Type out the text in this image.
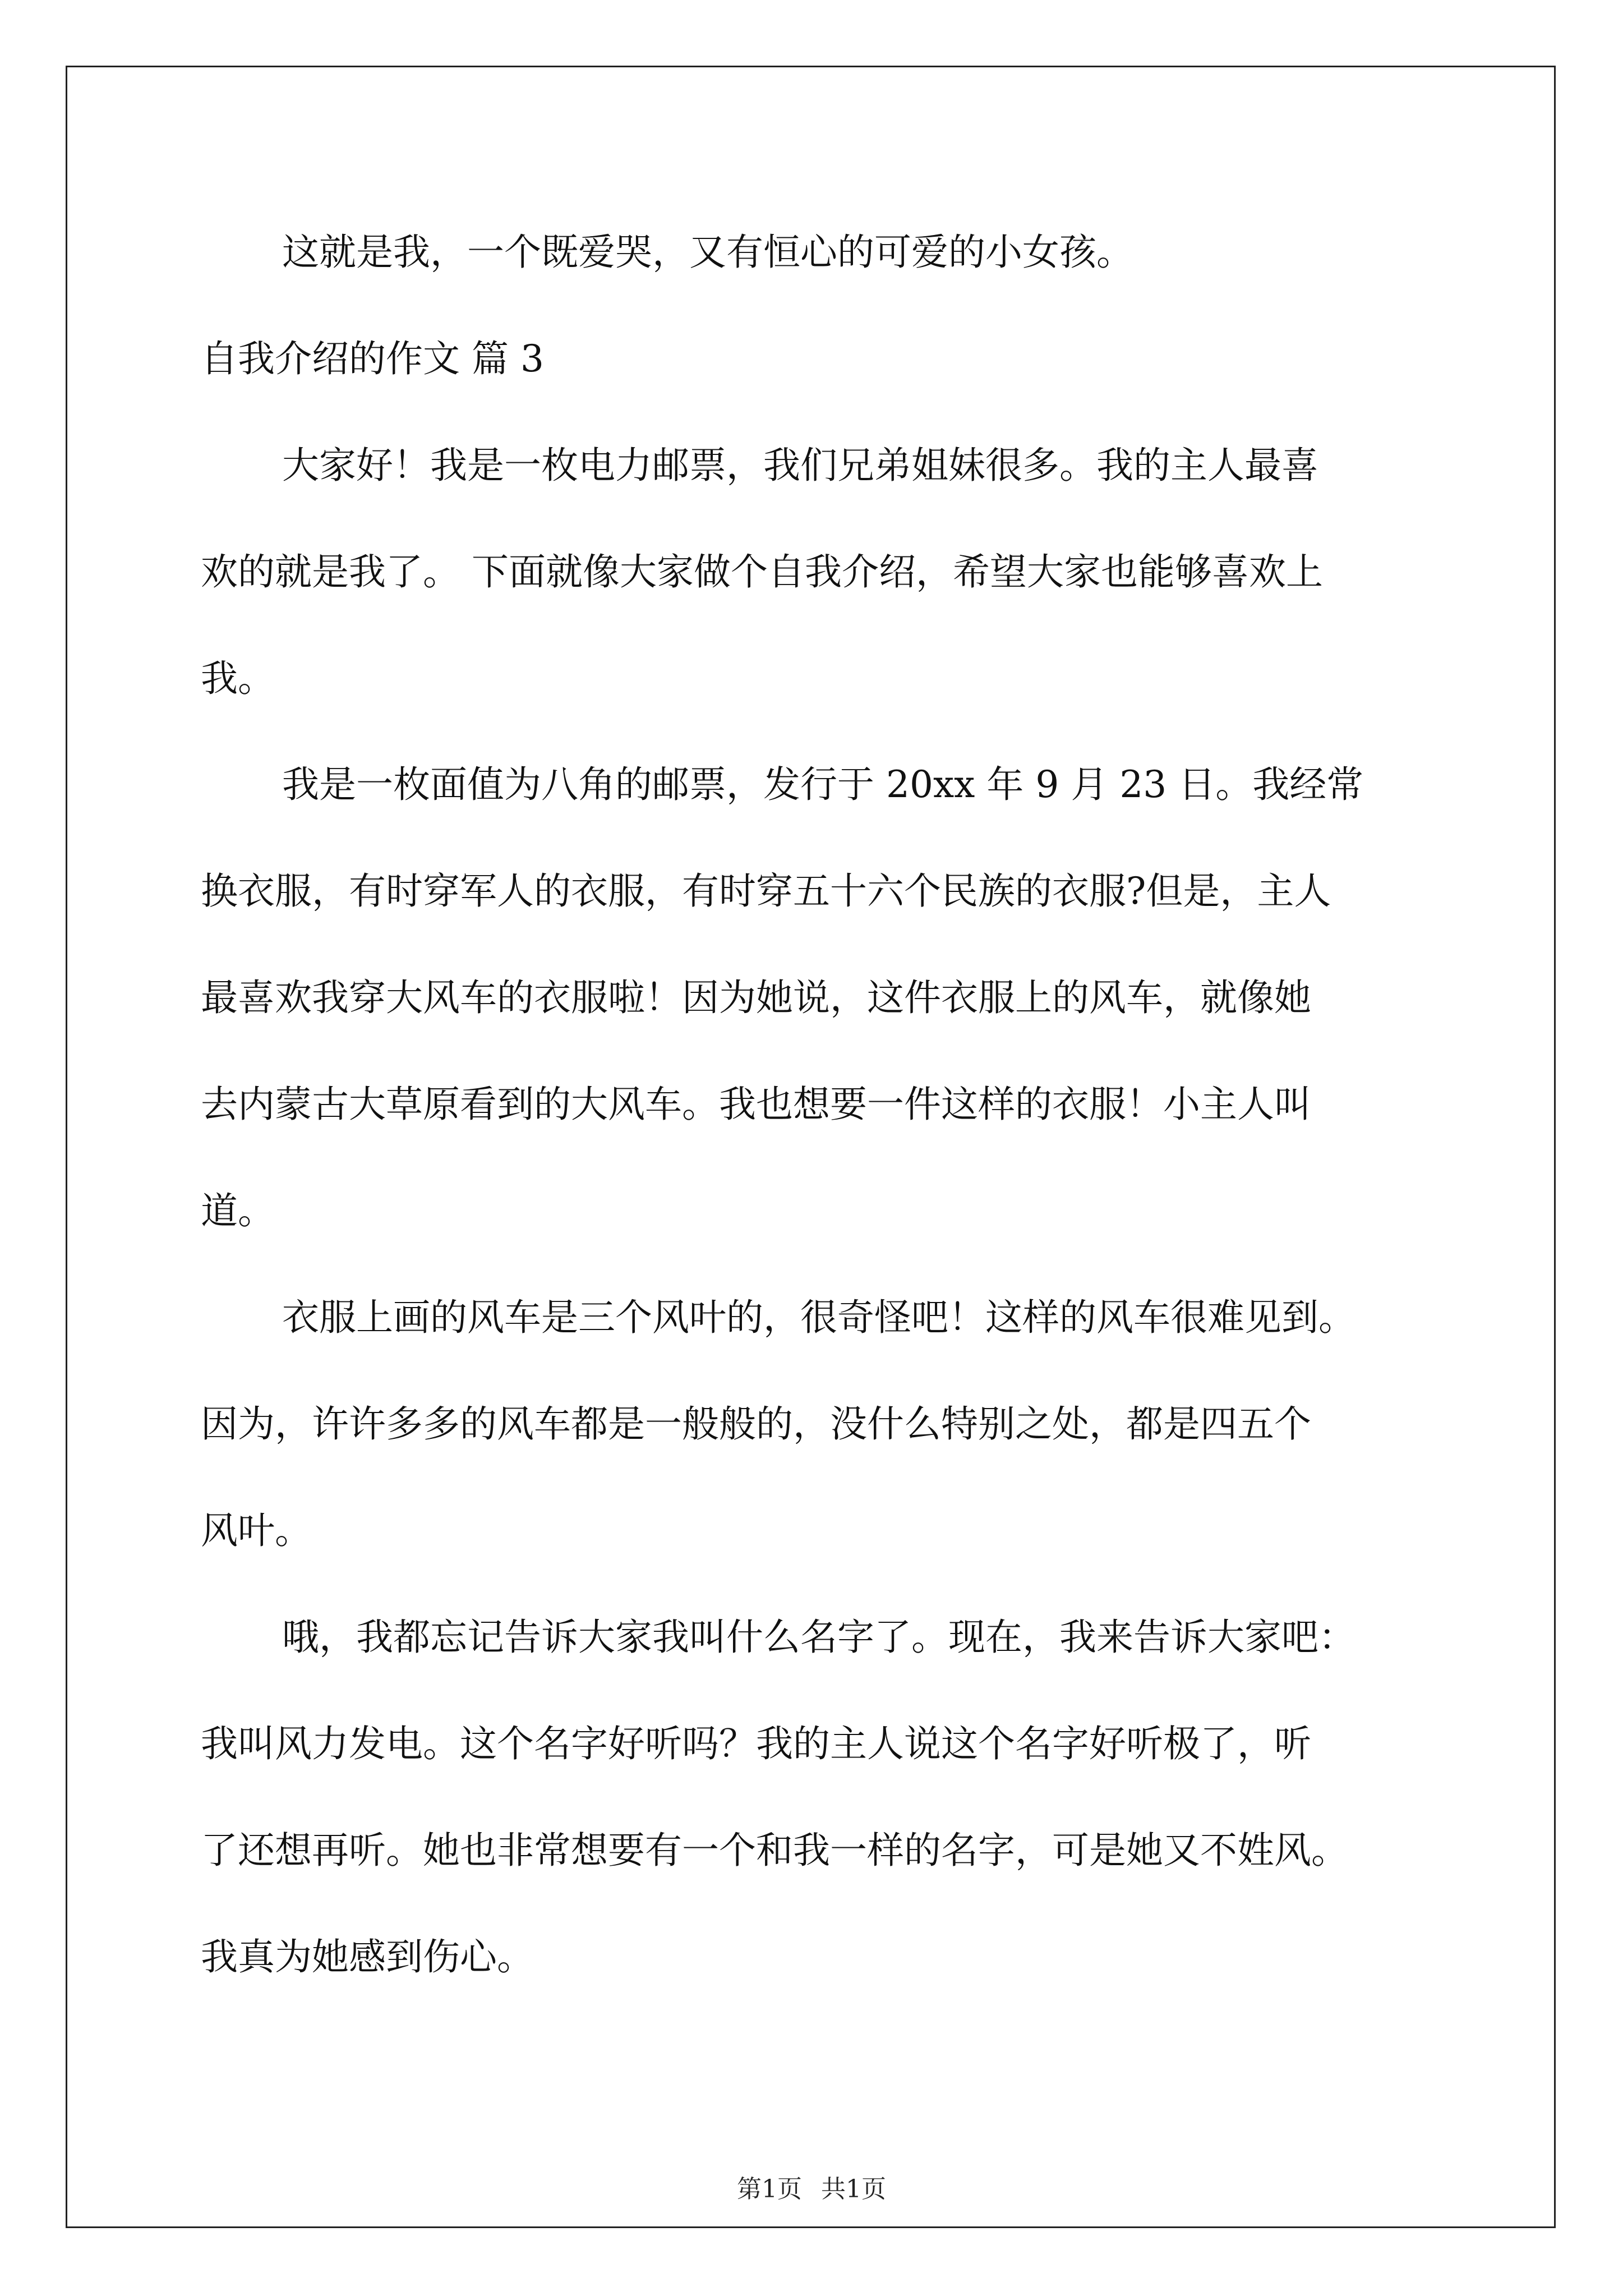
这就是我，一个既爱哭，又有恒心的可爱的小女孩。
自我介绍的作文 篇 3
大家好！我是一枚电力邮票，我们兄弟姐妹很多。我的主人最喜
欢的就是我了。 下面就像大家做个自我介绍，希望大家也能够喜欢上
我。
我是一枚面值为八角的邮票，发行于 20xx 年 9 月 23 日。我经常
换衣服，有时穿军人的衣服，有时穿五十六个民族的衣服?但是，主人
最喜欢我穿大风车的衣服啦！因为她说，这件衣服上的风车，就像她
去内蒙古大草原看到的大风车。我也想要一件这样的衣服！小主人叫
道。
衣服上画的风车是三个风叶的，很奇怪吧！这样的风车很难见到。
因为，许许多多的风车都是一般般的，没什么特别之处，都是四五个
风叶。
哦，我都忘记告诉大家我叫什么名字了。现在，我来告诉大家吧：
我叫风力发电。这个名字好听吗？我的主人说这个名字好听极了，听
了还想再听。她也非常想要有一个和我一样的名字，可是她又不姓风。
我真为她感到伤心。
第1页 共1页
